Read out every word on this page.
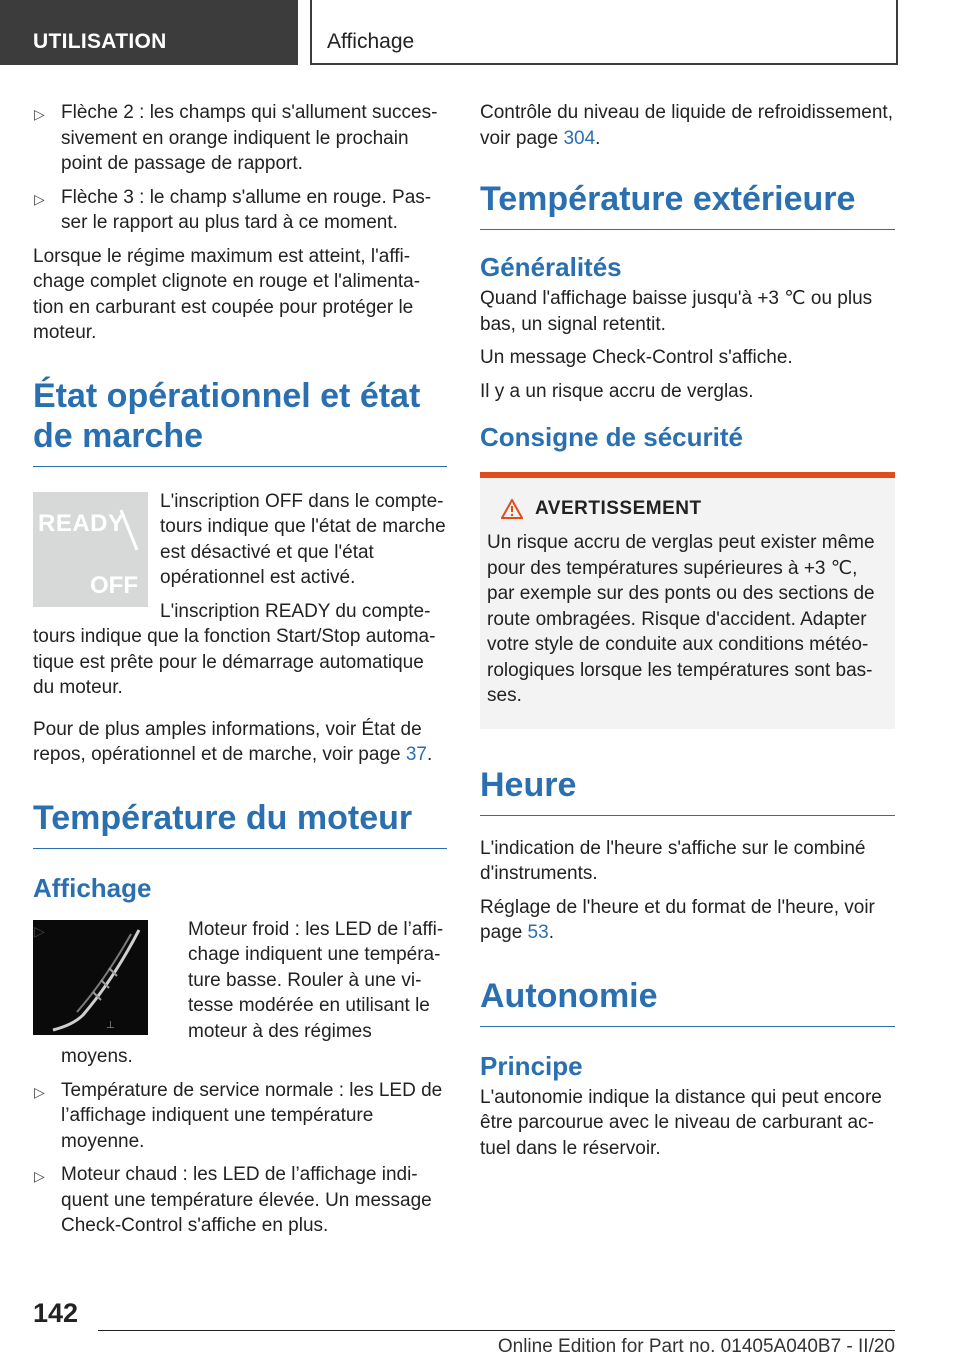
UTILISATION	Affichage

▷ Flèche 2 : les champs qui s'allument succes-sivement en orange indiquent le prochain point de passage de rapport.

▷ Flèche 3 : le champ s'allume en rouge. Pas-ser le rapport au plus tard à ce moment.

Lorsque le régime maximum est atteint, l'affi-chage complet clignote en rouge et l'alimenta-tion en carburant est coupée pour protéger le moteur.

État opérationnel et état de marche
READY
OFF

L'inscription OFF dans le compte-tours indique que l'état de marche est désactivé et que l'état opérationnel est activé.

L'inscription READY du compte-tours indique que la fonction Start/Stop automa-tique est prête pour le démarrage automatique du moteur.

Pour de plus amples informations, voir État de repos, opérationnel et de marche, voir page 37.

Température du moteur
Affichage
⊥

▷	Moteur froid : les LED de l’affi-chage indiquent une tempéra-ture basse. Rouler à une vi-tesse modérée en utilisant le moteur à des régimes moyens.

▷ Température de service normale : les LED de l’affichage indiquent une température moyenne.

▷ Moteur chaud : les LED de l’affichage indi-quent une température élevée. Un message Check-Control s'affiche en plus.

Contrôle du niveau de liquide de refroidissement, voir page 304.

Température extérieure
Généralités

Quand l'affichage baisse jusqu'à +3 ℃ ou plus bas, un signal retentit.

Un message Check-Control s'affiche.

Il y a un risque accru de verglas.

Consigne de sécurité
AVERTISSEMENT

Un risque accru de verglas peut exister même pour des températures supérieures à +3 ℃, par exemple sur des ponts ou des sections de route ombragées. Risque d'accident. Adapter votre style de conduite aux conditions météo-rologiques lorsque les températures sont bas-ses.

Heure

L'indication de l'heure s'affiche sur le combiné d'instruments.

Réglage de l'heure et du format de l'heure, voir page 53.

Autonomie
Principe

L'autonomie indique la distance qui peut encore être parcourue avec le niveau de carburant ac-tuel dans le réservoir.

142
Online Edition for Part no. 01405A040B7 - II/20
